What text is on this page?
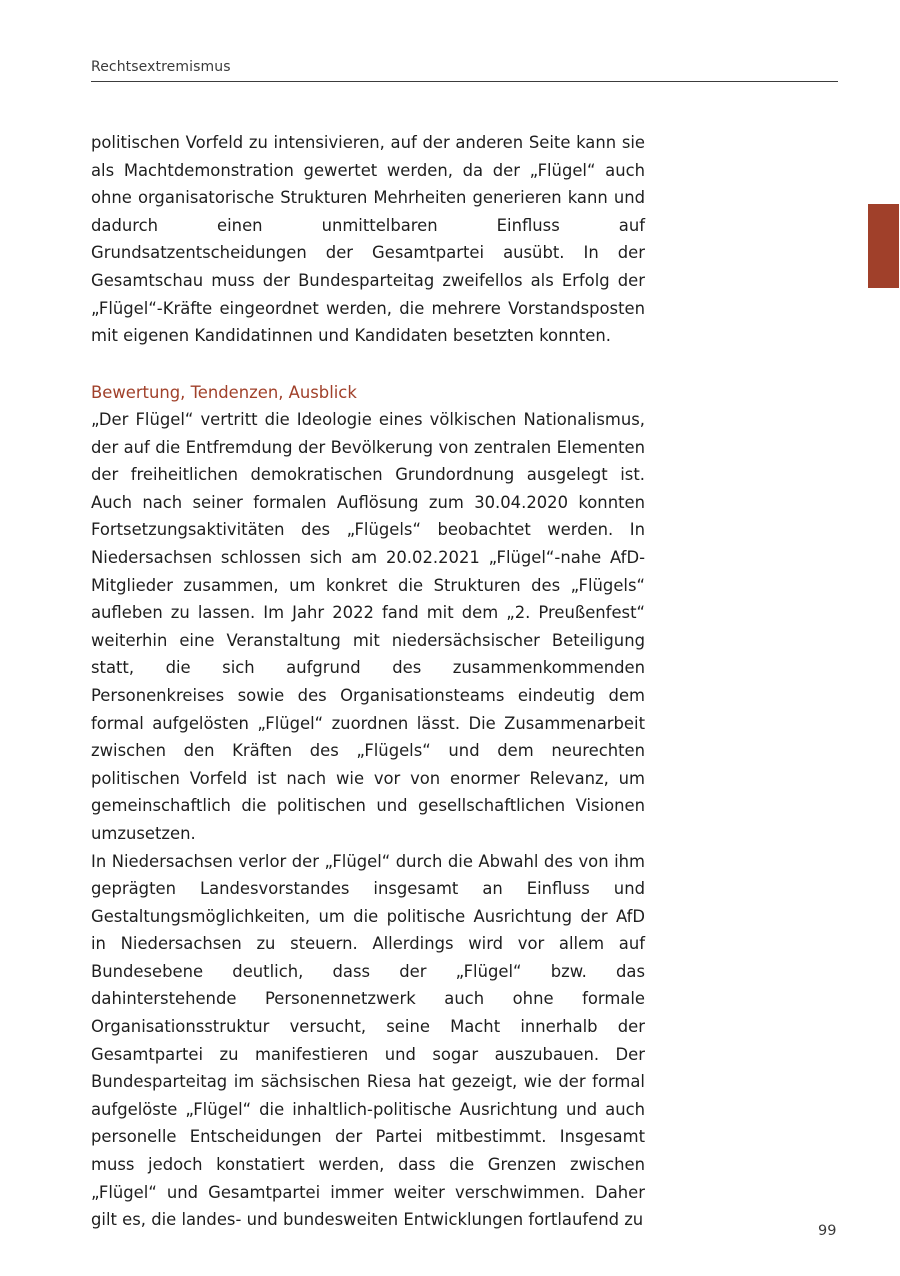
Rechtsextremismus

politischen Vorfeld zu intensivieren, auf der anderen Seite kann sie als Machtdemonstration gewertet werden, da der „Flügel“ auch ohne organisatorische Strukturen Mehrheiten generieren kann und dadurch einen unmittelbaren Einfluss auf Grundsatzentscheidungen der Gesamtpartei ausübt. In der Gesamtschau muss der Bundesparteitag zweifellos als Erfolg der „Flügel“-Kräfte eingeordnet werden, die mehrere Vorstandsposten mit eigenen Kandidatinnen und Kandidaten besetzten konnten.

Bewertung, Tendenzen, Ausblick

„Der Flügel“ vertritt die Ideologie eines völkischen Nationalismus, der auf die Entfremdung der Bevölkerung von zentralen Elementen der freiheitlichen demokratischen Grundordnung ausgelegt ist. Auch nach seiner formalen Auflösung zum 30.04.2020 konnten Fortsetzungsaktivitäten des „Flügels“ beobachtet werden. In Niedersachsen schlossen sich am 20.02.2021 „Flügel“-nahe AfD-Mitglieder zusammen, um konkret die Strukturen des „Flügels“ aufleben zu lassen. Im Jahr 2022 fand mit dem „2. Preußenfest“ weiterhin eine Veranstaltung mit niedersächsischer Beteiligung statt, die sich aufgrund des zusammenkommenden Personenkreises sowie des Organisationsteams eindeutig dem formal aufgelösten „Flügel“ zuordnen lässt. Die Zusammenarbeit zwischen den Kräften des „Flügels“ und dem neurechten politischen Vorfeld ist nach wie vor von enormer Relevanz, um gemeinschaftlich die politischen und gesellschaftlichen Visionen umzusetzen.

In Niedersachsen verlor der „Flügel“ durch die Abwahl des von ihm geprägten Landesvorstandes insgesamt an Einfluss und Gestaltungsmöglichkeiten, um die politische Ausrichtung der AfD in Niedersachsen zu steuern. Allerdings wird vor allem auf Bundesebene deutlich, dass der „Flügel“ bzw. das dahinterstehende Personennetzwerk auch ohne formale Organisationsstruktur versucht, seine Macht innerhalb der Gesamtpartei zu manifestieren und sogar auszubauen. Der Bundesparteitag im sächsischen Riesa hat gezeigt, wie der formal aufgelöste „Flügel“ die inhaltlich-politische Ausrichtung und auch personelle Entscheidungen der Partei mitbestimmt. Insgesamt muss jedoch konstatiert werden, dass die Grenzen zwischen „Flügel“ und Gesamtpartei immer weiter verschwimmen. Daher gilt es, die landes- und bundesweiten Entwicklungen fortlaufend zu

99
